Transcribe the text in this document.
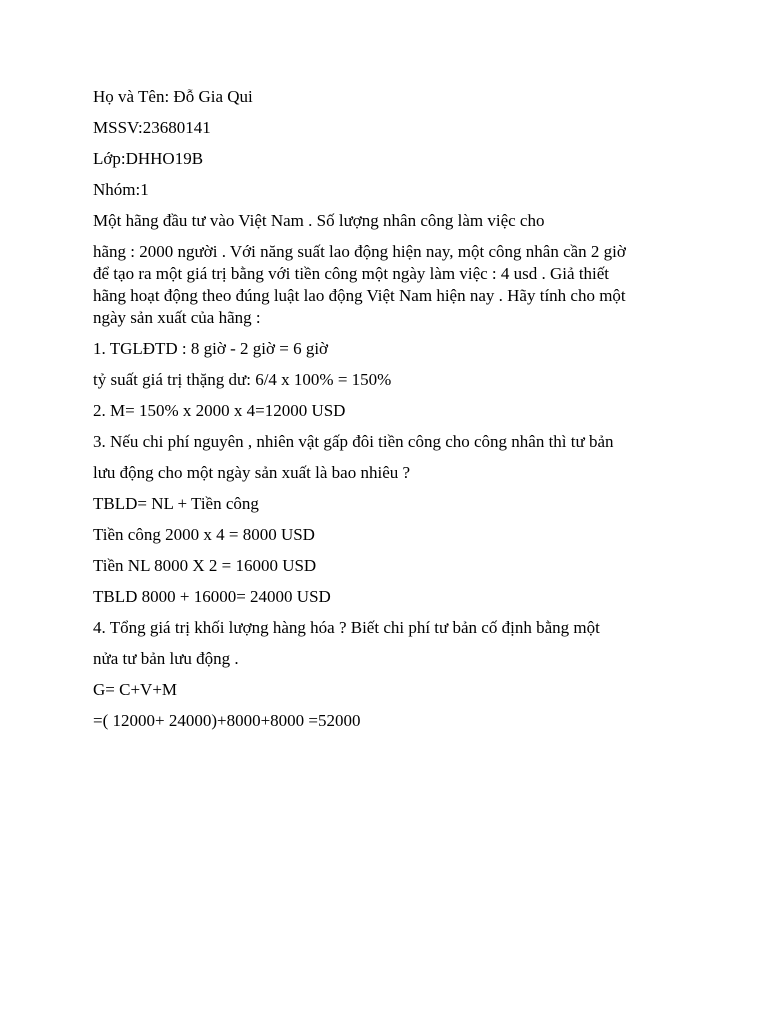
Họ và Tên: Đỗ Gia Qui
MSSV:23680141
Lớp:DHHO19B
Nhóm:1
Một hãng đầu tư vào Việt Nam . Số lượng nhân công làm việc cho
hãng : 2000 người . Với năng suất lao động hiện nay, một công nhân cần 2 giờ
để tạo ra một giá trị bằng với tiền công một ngày làm việc : 4 usd . Giả thiết
hãng hoạt động theo đúng luật lao động Việt Nam hiện nay . Hãy tính cho một
ngày sản xuất của hãng :
1. TGLĐTD : 8 giờ - 2 giờ = 6 giờ
tỷ suất giá trị thặng dư: 6/4 x 100% = 150%
2. M= 150% x 2000 x 4=12000 USD
3. Nếu chi phí nguyên , nhiên vật gấp đôi tiền công cho công nhân thì tư bản
lưu động cho một ngày sản xuất là bao nhiêu ?
TBLD= NL + Tiền công
Tiền công 2000 x 4 = 8000 USD
Tiền NL 8000 X 2 = 16000 USD
TBLD 8000 + 16000= 24000 USD
4. Tổng giá trị khối lượng hàng hóa ? Biết chi phí tư bản cố định bằng một
nửa tư bản lưu động .
G= C+V+M
=( 12000+ 24000)+8000+8000 =52000
